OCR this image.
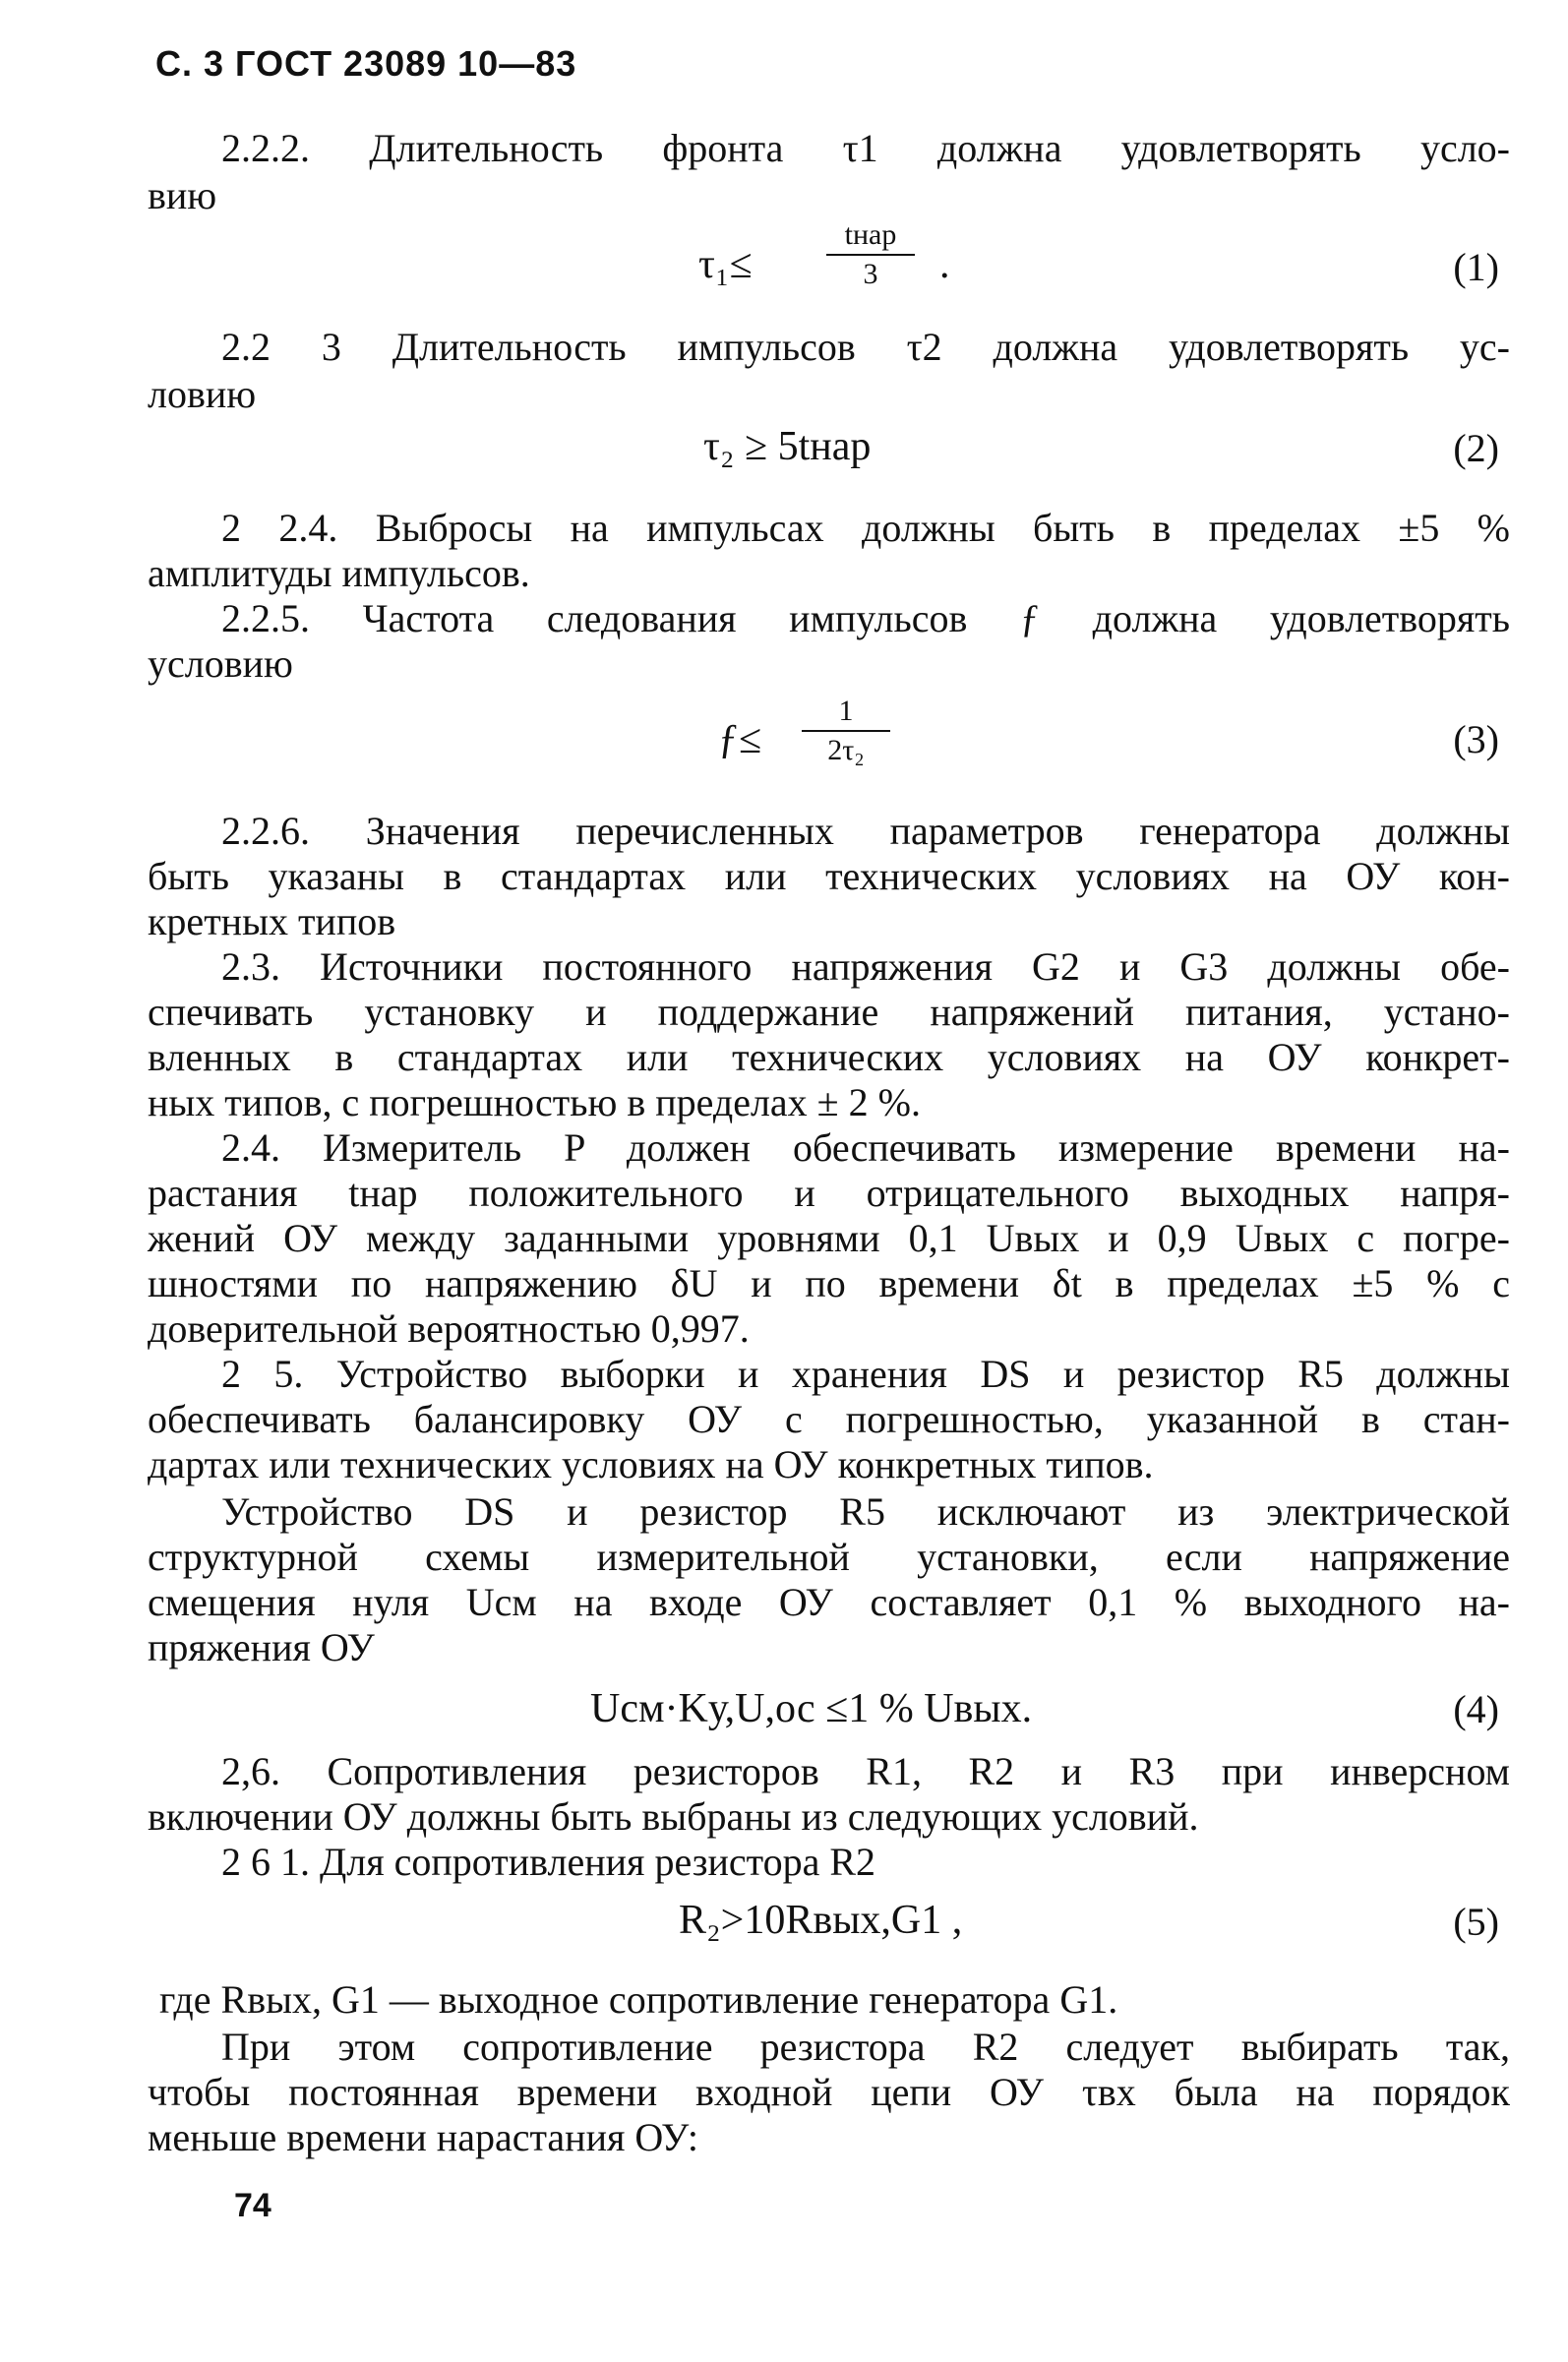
С. 3 ГОСТ 23089 10—83
2.2.2. Длительность фронта τ1 должна удовлетворять усло-
вию
τ₁≤
tнар
3	.	(1)
2.2 3 Длительность импульсов τ2 должна удовлетворять ус-
ловию
τ₂ ≥ 5tнар	(2)
2 2.4. Выбросы на импульсах должны быть в пределах ±5 %
амплитуды импульсов.
2.2.5. Частота следования импульсов ƒ должна удовлетворять
условию
ƒ≤
1
2τ₂	(3)
2.2.6. Значения перечисленных параметров генератора должны
быть указаны в стандартах или технических условиях на ОУ кон-
кретных типов
2.3. Источники постоянного напряжения G2 и G3 должны обе-
спечивать установку и поддержание напряжений питания, устано-
вленных в стандартах или технических условиях на ОУ конкрет-
ных типов, с погрешностью в пределах ± 2 %.
2.4. Измеритель P должен обеспечивать измерение времени на-
растания tнар положительного и отрицательного выходных напря-
жений ОУ между заданными уровнями 0,1 Uвых и 0,9 Uвых с погре-
шностями по напряжению δU и по времени δt в пределах ±5 % с
доверительной вероятностью 0,997.
2 5. Устройство выборки и хранения DS и резистор R5 должны
обеспечивать балансировку ОУ с погрешностью, указанной в стан-
дартах или технических условиях на ОУ конкретных типов.
Устройство DS и резистор R5 исключают из электрической
структурной схемы измерительной установки, если напряжение
смещения нуля Uсм на входе ОУ составляет 0,1 % выходного на-
пряжения ОУ
Uсм·Kу,U,ос ≤1 % Uвых.	(4)
2,6. Сопротивления резисторов R1, R2 и R3 при инверсном
включении ОУ должны быть выбраны из следующих условий.
2 6 1. Для сопротивления резистора R2
R₂>10Rвых,G1 ,	(5)
где Rвых, G1 — выходное сопротивление генератора G1.
При этом сопротивление резистора R2 следует выбирать так,
чтобы постоянная времени входной цепи ОУ τвх была на порядок
меньше времени нарастания ОУ:
74
